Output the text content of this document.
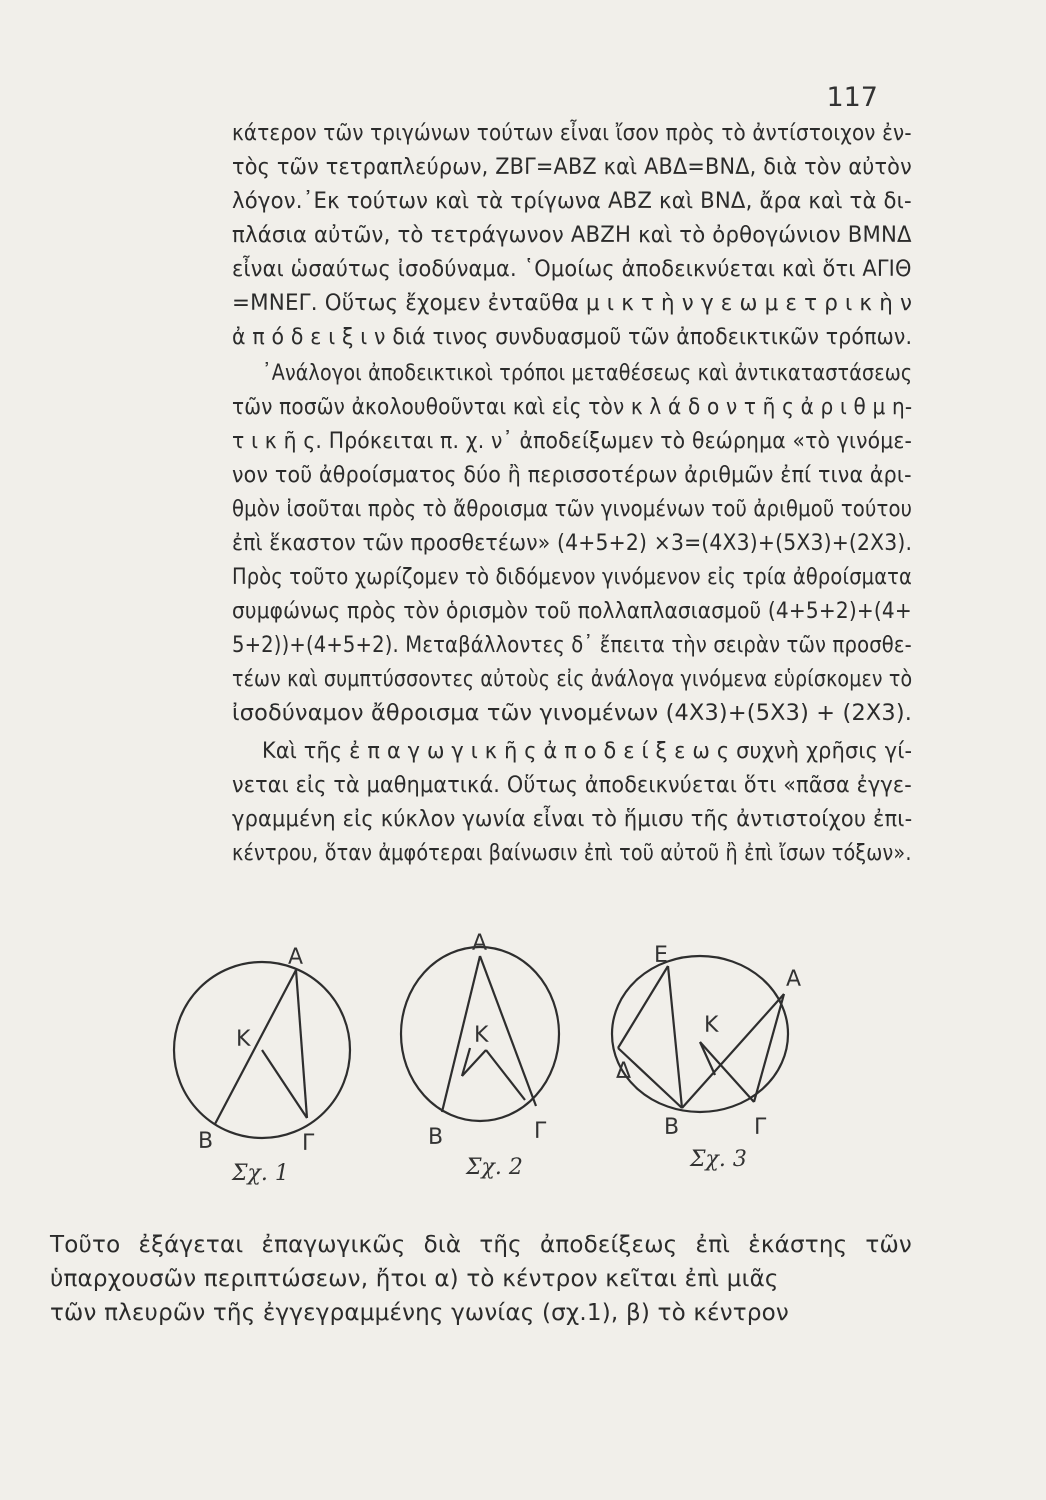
117
κάτερον τῶν τριγώνων τούτων εἶναι ἴσον πρὸς τὸ ἀντίστοιχον ἐν-
τὸς τῶν τετραπλεύρων, ΖΒΓ=ΑΒΖ καὶ ΑΒΔ=ΒΝΔ, διὰ τὸν αὐτὸν
λόγον.᾿Εκ τούτων καὶ τὰ τρίγωνα ΑΒΖ καὶ ΒΝΔ, ἄρα καὶ τὰ δι-
πλάσια αὐτῶν, τὸ τετράγωνον ΑΒΖΗ καὶ τὸ ὀρθογώνιον ΒΜΝΔ
εἶναι ὡσαύτως ἰσοδύναμα. ῾Ομοίως ἀποδεικνύεται καὶ ὅτι ΑΓΙΘ
=ΜΝΕΓ. Οὕτως ἔχομεν ἐνταῦθα μ ι κ τ ὴ ν γ ε ω μ ε τ ρ ι κ ὴ ν
ἀ π ό δ ε ι ξ ι ν διά τινος συνδυασμοῦ τῶν ἀποδεικτικῶν τρόπων.
᾿Ανάλογοι ἀποδεικτικοὶ τρόποι μεταθέσεως καὶ ἀντικαταστάσεως
τῶν ποσῶν ἀκολουθοῦνται καὶ εἰς τὸν κ λ ά δ ο ν τ ῆ ς ἀ ρ ι θ μ η-
τ ι κ ῆ ς. Πρόκειται π. χ. ν᾿ ἀποδείξωμεν τὸ θεώρημα «τὸ γινόμε-
νον τοῦ ἀθροίσματος δύο ἢ περισσοτέρων ἀριθμῶν ἐπί τινα ἀρι-
θμὸν ἰσοῦται πρὸς τὸ ἄθροισμα τῶν γινομένων τοῦ ἀριθμοῦ τούτου
ἐπὶ ἕκαστον τῶν προσθετέων» (4+5+2) ×3=(4Χ3)+(5Χ3)+(2Χ3).
Πρὸς τοῦτο χωρίζομεν τὸ διδόμενον γινόμενον εἰς τρία ἀθροίσματα
συμφώνως πρὸς τὸν ὁρισμὸν τοῦ πολλαπλασιασμοῦ (4+5+2)+(4+
5+2))+(4+5+2). Μεταβάλλοντες δ᾿ ἔπειτα τὴν σειρὰν τῶν προσθε-
τέων καὶ συμπτύσσοντες αὐτοὺς εἰς ἀνάλογα γινόμενα εὑρίσκομεν τὸ
ἰσοδύναμον ἄθροισμα τῶν γινομένων (4Χ3)+(5Χ3) + (2Χ3).
Καὶ τῆς ἐ π α γ ω γ ι κ ῆ ς ἀ π ο δ ε ί ξ ε ω ς συχνὴ χρῆσις γί-
νεται εἰς τὰ μαθηματικά. Οὕτως ἀποδεικνύεται ὅτι «πᾶσα ἐγγε-
γραμμένη εἰς κύκλον γωνία εἶναι τὸ ἥμισυ τῆς ἀντιστοίχου ἐπι-
κέντρου, ὅταν ἀμφότεραι βαίνωσιν ἐπὶ τοῦ αὐτοῦ ἢ ἐπὶ ἴσων τόξων».
Α
Κ
Β	Γ
Σχ. 1
Α
Κ
Β	Γ
Σχ. 2
Ε
Α
Κ
Δ
Β	Γ
Σχ. 3
Τοῦτο ἐξάγεται ἐπαγωγικῶς διὰ τῆς ἀποδείξεως ἐπὶ ἑκάστης τῶν
ὑπαρχουσῶν περιπτώσεων, ἤτοι α) τὸ κέντρον κεῖται ἐπὶ μιᾶς
τῶν πλευρῶν τῆς ἐγγεγραμμένης γωνίας (σχ.1), β) τὸ κέντρον
